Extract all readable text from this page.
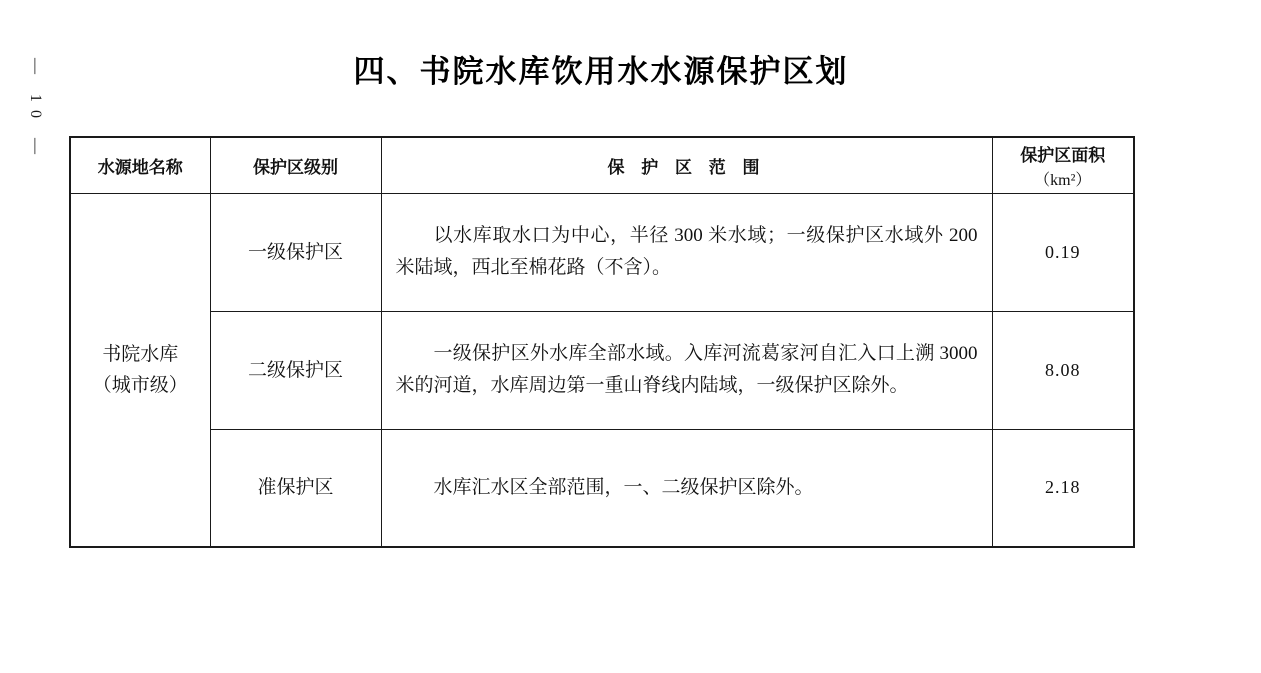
— 10 —	四、书院水库饮用水水源保护区划
水源地名称	保护区级别	保 护 区 范 围	保护区面积
（km²）

书院水库
（城市级）	一级保护区	以水库取水口为中心，半径 300 米水域；一级保护区水域外 200 米陆域，西北至棉花路（不含）。	0.19
	二级保护区	一级保护区外水库全部水域。入库河流葛家河自汇入口上溯 3000 米的河道，水库周边第一重山脊线内陆域，一级保护区除外。	8.08
	准保护区	水库汇水区全部范围，一、二级保护区除外。	2.18
